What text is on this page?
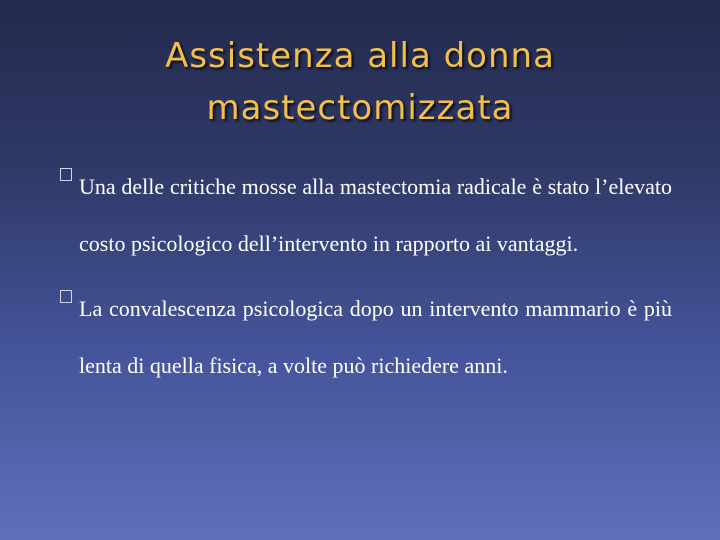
Assistenza alla donna
mastectomizzata
Una delle critiche mosse alla mastectomia radicale è stato l’elevato costo psicologico dell’intervento in rapporto ai vantaggi.
La convalescenza psicologica dopo un intervento mammario è più lenta di quella fisica, a volte può richiedere anni.
